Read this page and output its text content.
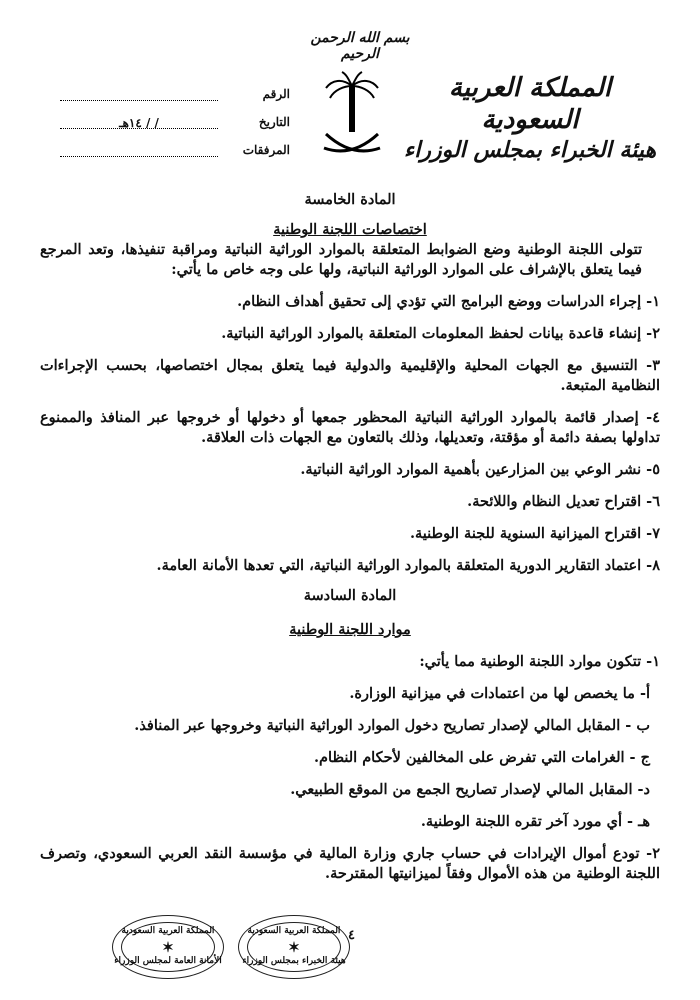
بسم الله الرحمن الرحيم
المملكة العربية السعودية
هيئة الخبراء بمجلس الوزراء
الرقم
التاريخ
/ / ١٤هـ
المرفقات
المادة الخامسة
اختصاصات اللجنة الوطنية

تتولى اللجنة الوطنية وضع الضوابط المتعلقة بالموارد الوراثية النباتية ومراقبة تنفيذها، وتعد المرجع فيما يتعلق بالإشراف على الموارد الوراثية النباتية، ولها على وجه خاص ما يأتي:

١- إجراء الدراسات ووضع البرامج التي تؤدي إلى تحقيق أهداف النظام.

٢- إنشاء قاعدة بيانات لحفظ المعلومات المتعلقة بالموارد الوراثية النباتية.

٣- التنسيق مع الجهات المحلية والإقليمية والدولية فيما يتعلق بمجال اختصاصها، بحسب الإجراءات النظامية المتبعة.

٤- إصدار قائمة بالموارد الوراثية النباتية المحظور جمعها أو دخولها أو خروجها عبر المنافذ والممنوع تداولها بصفة دائمة أو مؤقتة، وتعديلها، وذلك بالتعاون مع الجهات ذات العلاقة.

٥- نشر الوعي بين المزارعين بأهمية الموارد الوراثية النباتية.

٦- اقتراح تعديل النظام واللائحة.

٧- اقتراح الميزانية السنوية للجنة الوطنية.

٨- اعتماد التقارير الدورية المتعلقة بالموارد الوراثية النباتية، التي تعدها الأمانة العامة.

المادة السادسة
موارد اللجنة الوطنية

١- تتكون موارد اللجنة الوطنية مما يأتي:

أ- ما يخصص لها من اعتمادات في ميزانية الوزارة.

ب - المقابل المالي لإصدار تصاريح دخول الموارد الوراثية النباتية وخروجها عبر المنافذ.

ج - الغرامات التي تفرض على المخالفين لأحكام النظام.

د- المقابل المالي لإصدار تصاريح الجمع من الموقع الطبيعي.

هـ - أي مورد آخر تقره اللجنة الوطنية.

٢- تودع أموال الإيرادات في حساب جاري وزارة المالية في مؤسسة النقد العربي السعودي، وتصرف اللجنة الوطنية من هذه الأموال وفقاً لميزانيتها المقترحة.

٤
المملكة العربية السعودية
✶
هيئة الخبراء بمجلس الوزراء
المملكة العربية السعودية
✶
الأمانة العامة لمجلس الوزراء
